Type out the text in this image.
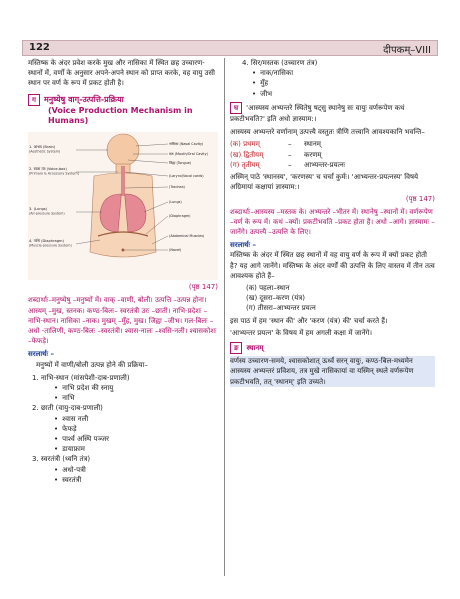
122	दीपकम्–VIII

मस्तिष्क के अंदर प्रवेश करके मुख और नासिका में स्थित छह उच्चारण-स्थानों में, वर्णों के अनुसार अपने-अपने स्थान को प्राप्त करके, वह वायु उसी स्थान पर वर्ण के रूप में प्रकट होती है।

ग मनुष्येषु वाग्-उत्पत्ति-प्रक्रिया
(Voice Production Mechanism in Humans)
1. आश्रय (Brain)
(Aesthetic System)
2. स्वास तंत्र (Voice-box)
(Primary & Accessory System)
3. (Lungs)
(Air-pressure System)
4. नाभि (Diaphragm)
(Muscle-pressure System)
नासिका (Nasal Cavity)
कठ (Mouth/Oral Cavity)
जिह्वा (Tongue)
(Larynx/Vocal cords)
(Trachea)
(Lungs)
(Diaphragm)
(Abdominal Muscles)
(Navel)
(पृष्ठ 147)

शब्दार्थाः–मनुष्येषु –मनुष्यों में। वाक् –वाणी, बोली। उत्पत्ति –उत्पन्न होना। आस्यम् –मुख, स्तनक। कण्ठ-बिलः– स्वरतंत्री उरः –छाती। नाभि-प्रदेशः –नाभि-स्थान। नासिका –नाक। मुखम् –मुँह, मुख। जिह्वा –जीभ। गल-बिलः –अधो -तालिणी, कण्ठ-बिलः –स्वरतंत्री। श्वास-नालः –श्वसि-नली। श्वासकोशः –फेफड़े।

सरलार्थः –

मनुष्यों में वाणी/बोली उत्पन्न होने की प्रक्रिया–

1. नाभि-स्थान (मांसपेशी-दाब-प्रणाली)
• नाभि प्रदेश की स्नायु
• नाभि
2. छाती (वायु-दाब-प्रणाली)
• श्वास नली
• फेफड़े
• पार्श्व अस्थि पञ्जर
• डायाफ्राम
3. स्वरतंत्री (ध्वनि तंत्र)
• अधो-पत्री
• स्वरतंत्री

4. सिर/मस्तक (उच्चारण तंत्र)

• नाक/नासिका
• मुँह
• जीभ

घ 'आस्यस्य अभ्यन्तरे स्थितेषु षट्सु स्थानेषु सः वायुः वर्णरूपेण कथं प्रकटीभवति?' इति अधो ज्ञास्याम:।

आस्यस्य अभ्यन्तरे वर्णानाम् उत्पत्त्यै वस्तुतः त्रीणि तत्त्वानि आवश्यकानि भवन्ति–

(क) प्रथमम्	– स्थानम्
(ख) द्वितीयम्	– करणम्
(ग) तृतीयम्	– आभ्यन्तर-प्रयत्नः

अस्मिन् पाठे 'स्थानस्य', 'करणस्य' च चर्चां कुर्मः। 'आभ्यन्तर-प्रयत्नस्य' विषये अग्रिमायां कक्षायां ज्ञास्याम:।

(पृष्ठ 147)

शब्दार्थाः–आस्यस्य –मस्तक के। अभ्यन्तरे –भीतर में। स्थानेषु –स्थानों में। वर्णरूपेण –वर्ण के रूप में। कथं –क्यों। प्रकटीभवति –प्रकट होता है। अधो –आगे। ज्ञास्यामः –जानेंगे। उत्पत्त्यै –उत्पत्ति के लिए।

सरलार्थः –

मस्तिष्क के अंदर में स्थित छह स्थानों में वह वायु वर्ण के रूप में क्यों प्रकट होती है? यह आगे जानेंगे। मस्तिष्क के अंदर वर्णों की उत्पत्ति के लिए वास्तव में तीन तत्व आवश्यक होते हैं–

(क) पहला–स्थान
(ख) दूसरा–करण (यंत्र)
(ग) तीसरा–आभ्यन्तर प्रयत्न

इस पाठ में हम 'स्थान की' और 'करण (यंत्र) की' चर्चा करते हैं।

'आभ्यन्तर प्रयत्न' के विषय में हम अगली कक्षा में जानेंगे।

ङ स्थानम्

वर्णस्य उच्चारण-समये, श्वासकोशात् ऊर्ध्वं सरन् वायुः, कण्ठ-बिल-मध्यमेन आस्यस्य अभ्यन्तरं प्रविशय, तत्र मुखे नासिकायां वा यस्मिन् स्थले वर्णरूपेण प्रकटीभवति, तत् 'स्थानम्' इति उच्यते।
